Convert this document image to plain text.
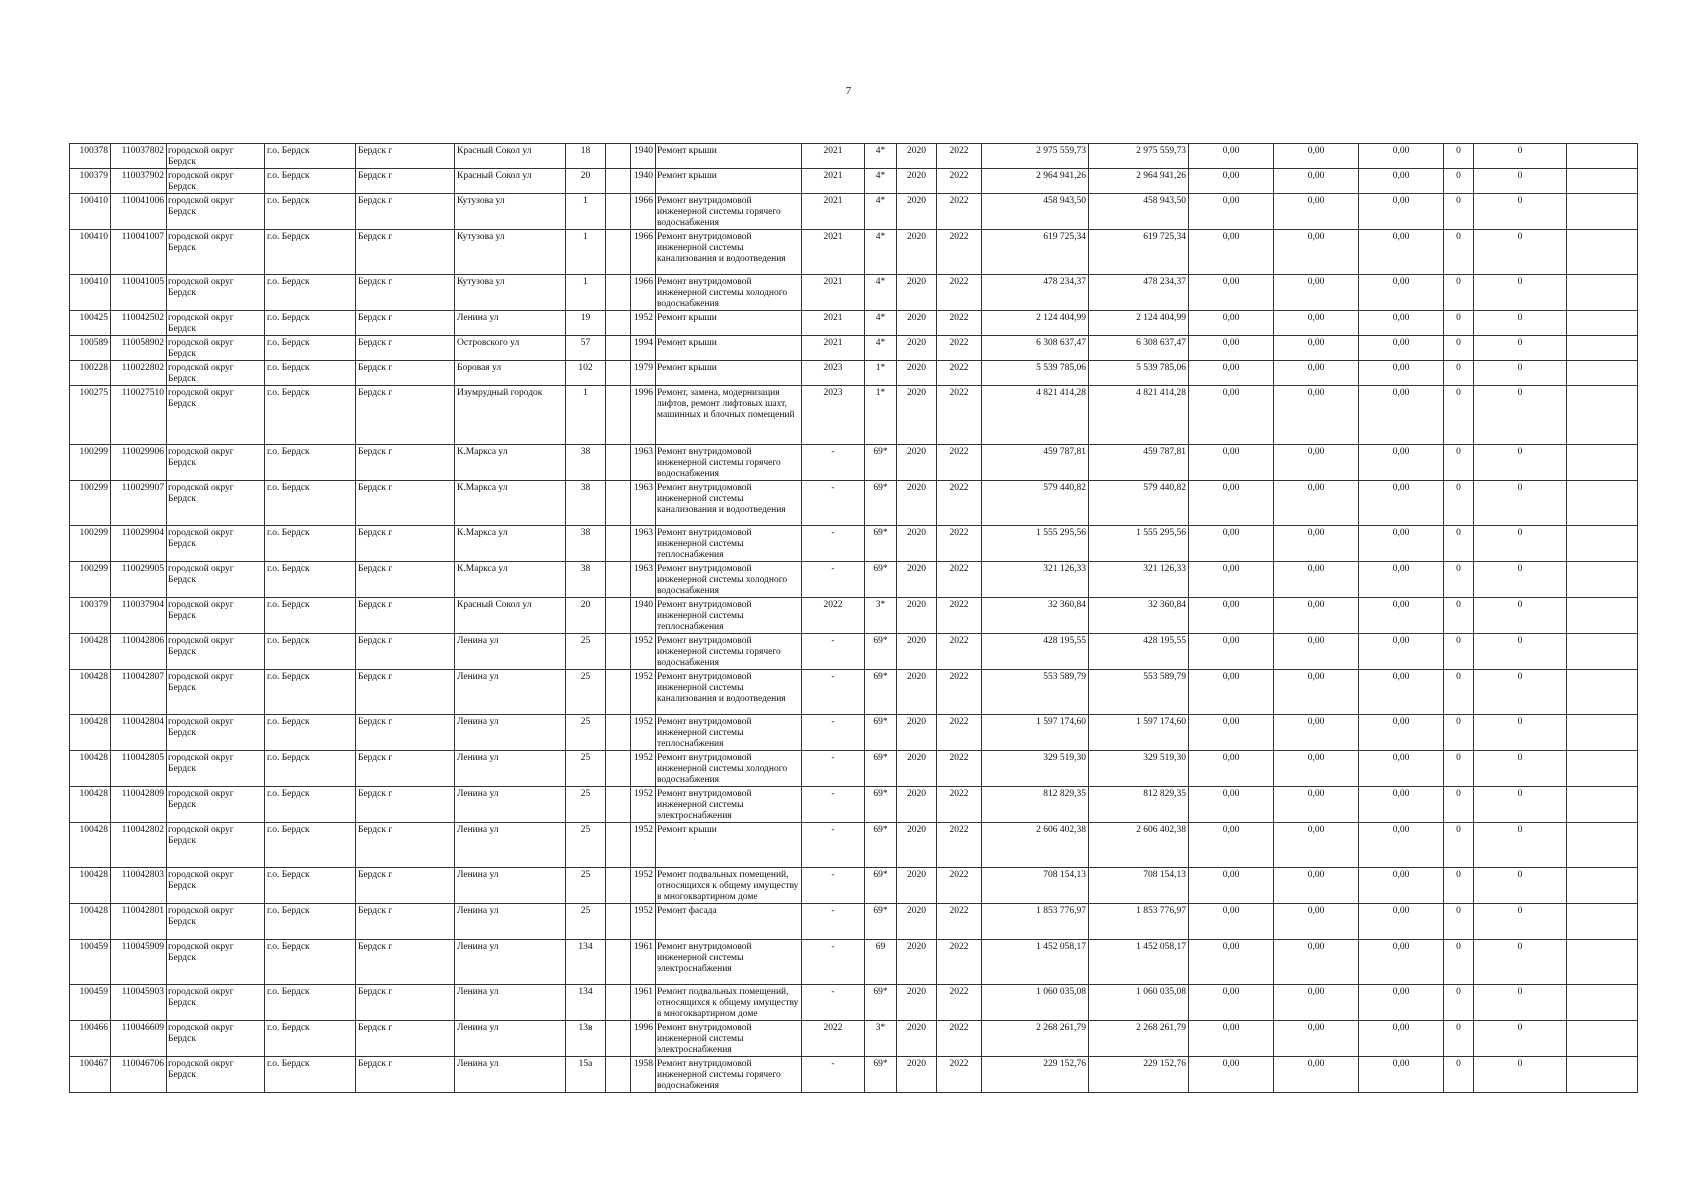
7
100378	110037802	городской округ Бердск	г.о. Бердск	Бердск г	Красный Сокол ул	18		1940	Ремонт крыши	2021	4*	2020	2022	2 975 559,73	2 975 559,73	0,00	0,00	0,00	0	0	
100379	110037902	городской округ Бердск	г.о. Бердск	Бердск г	Красный Сокол ул	20		1940	Ремонт крыши	2021	4*	2020	2022	2 964 941,26	2 964 941,26	0,00	0,00	0,00	0	0	
100410	110041006	городской округ Бердск	г.о. Бердск	Бердск г	Кутузова ул	1		1966	Ремонт внутридомовой инженерной системы горячего водоснабжения	2021	4*	2020	2022	458 943,50	458 943,50	0,00	0,00	0,00	0	0	
100410	110041007	городской округ Бердск	г.о. Бердск	Бердск г	Кутузова ул	1		1966	Ремонт внутридомовой инженерной системы канализования и водоотведения	2021	4*	2020	2022	619 725,34	619 725,34	0,00	0,00	0,00	0	0	
100410	110041005	городской округ Бердск	г.о. Бердск	Бердск г	Кутузова ул	1		1966	Ремонт внутридомовой инженерной системы холодного водоснабжения	2021	4*	2020	2022	478 234,37	478 234,37	0,00	0,00	0,00	0	0	
100425	110042502	городской округ Бердск	г.о. Бердск	Бердск г	Ленина ул	19		1952	Ремонт крыши	2021	4*	2020	2022	2 124 404,99	2 124 404,99	0,00	0,00	0,00	0	0	
100589	110058902	городской округ Бердск	г.о. Бердск	Бердск г	Островского ул	57		1994	Ремонт крыши	2021	4*	2020	2022	6 308 637,47	6 308 637,47	0,00	0,00	0,00	0	0	
100228	110022802	городской округ Бердск	г.о. Бердск	Бердск г	Боровая ул	102		1979	Ремонт крыши	2023	1*	2020	2022	5 539 785,06	5 539 785,06	0,00	0,00	0,00	0	0	
100275	110027510	городской округ Бердск	г.о. Бердск	Бердск г	Изумрудный городок	1		1996	Ремонт, замена, модернизация лифтов, ремонт лифтовых шахт, машинных и блочных помещений	2023	1*	2020	2022	4 821 414,28	4 821 414,28	0,00	0,00	0,00	0	0	
100299	110029906	городской округ Бердск	г.о. Бердск	Бердск г	К.Маркса ул	38		1963	Ремонт внутридомовой инженерной системы горячего водоснабжения	-	69*	2020	2022	459 787,81	459 787,81	0,00	0,00	0,00	0	0	
100299	110029907	городской округ Бердск	г.о. Бердск	Бердск г	К.Маркса ул	38		1963	Ремонт внутридомовой инженерной системы канализования и водоотведения	-	69*	2020	2022	579 440,82	579 440,82	0,00	0,00	0,00	0	0	
100299	110029904	городской округ Бердск	г.о. Бердск	Бердск г	К.Маркса ул	38		1963	Ремонт внутридомовой инженерной системы теплоснабжения	-	69*	2020	2022	1 555 295,56	1 555 295,56	0,00	0,00	0,00	0	0	
100299	110029905	городской округ Бердск	г.о. Бердск	Бердск г	К.Маркса ул	38		1963	Ремонт внутридомовой инженерной системы холодного водоснабжения	-	69*	2020	2022	321 126,33	321 126,33	0,00	0,00	0,00	0	0	
100379	110037904	городской округ Бердск	г.о. Бердск	Бердск г	Красный Сокол ул	20		1940	Ремонт внутридомовой инженерной системы теплоснабжения	2022	3*	2020	2022	32 360,84	32 360,84	0,00	0,00	0,00	0	0	
100428	110042806	городской округ Бердск	г.о. Бердск	Бердск г	Ленина ул	25		1952	Ремонт внутридомовой инженерной системы горячего водоснабжения	-	69*	2020	2022	428 195,55	428 195,55	0,00	0,00	0,00	0	0	
100428	110042807	городской округ Бердск	г.о. Бердск	Бердск г	Ленина ул	25		1952	Ремонт внутридомовой инженерной системы канализования и водоотведения	-	69*	2020	2022	553 589,79	553 589,79	0,00	0,00	0,00	0	0	
100428	110042804	городской округ Бердск	г.о. Бердск	Бердск г	Ленина ул	25		1952	Ремонт внутридомовой инженерной системы теплоснабжения	-	69*	2020	2022	1 597 174,60	1 597 174,60	0,00	0,00	0,00	0	0	
100428	110042805	городской округ Бердск	г.о. Бердск	Бердск г	Ленина ул	25		1952	Ремонт внутридомовой инженерной системы холодного водоснабжения	-	69*	2020	2022	329 519,30	329 519,30	0,00	0,00	0,00	0	0	
100428	110042809	городской округ Бердск	г.о. Бердск	Бердск г	Ленина ул	25		1952	Ремонт внутридомовой инженерной системы электроснабжения	-	69*	2020	2022	812 829,35	812 829,35	0,00	0,00	0,00	0	0	
100428	110042802	городской округ Бердск	г.о. Бердск	Бердск г	Ленина ул	25		1952	Ремонт крыши	-	69*	2020	2022	2 606 402,38	2 606 402,38	0,00	0,00	0,00	0	0	
100428	110042803	городской округ Бердск	г.о. Бердск	Бердск г	Ленина ул	25		1952	Ремонт подвальных помещений, относящихся к общему имуществу в многоквартирном доме	-	69*	2020	2022	708 154,13	708 154,13	0,00	0,00	0,00	0	0	
100428	110042801	городской округ Бердск	г.о. Бердск	Бердск г	Ленина ул	25		1952	Ремонт фасада	-	69*	2020	2022	1 853 776,97	1 853 776,97	0,00	0,00	0,00	0	0	
100459	110045909	городской округ Бердск	г.о. Бердск	Бердск г	Ленина ул	134		1961	Ремонт внутридомовой инженерной системы электроснабжения	-	69	2020	2022	1 452 058,17	1 452 058,17	0,00	0,00	0,00	0	0	
100459	110045903	городской округ Бердск	г.о. Бердск	Бердск г	Ленина ул	134		1961	Ремонт подвальных помещений, относящихся к общему имуществу в многоквартирном доме	-	69*	2020	2022	1 060 035,08	1 060 035,08	0,00	0,00	0,00	0	0	
100466	110046609	городской округ Бердск	г.о. Бердск	Бердск г	Ленина ул	13в		1996	Ремонт внутридомовой инженерной системы электроснабжения	2022	3*	2020	2022	2 268 261,79	2 268 261,79	0,00	0,00	0,00	0	0	
100467	110046706	городской округ Бердск	г.о. Бердск	Бердск г	Ленина ул	15а		1958	Ремонт внутридомовой инженерной системы горячего водоснабжения	-	69*	2020	2022	229 152,76	229 152,76	0,00	0,00	0,00	0	0	
